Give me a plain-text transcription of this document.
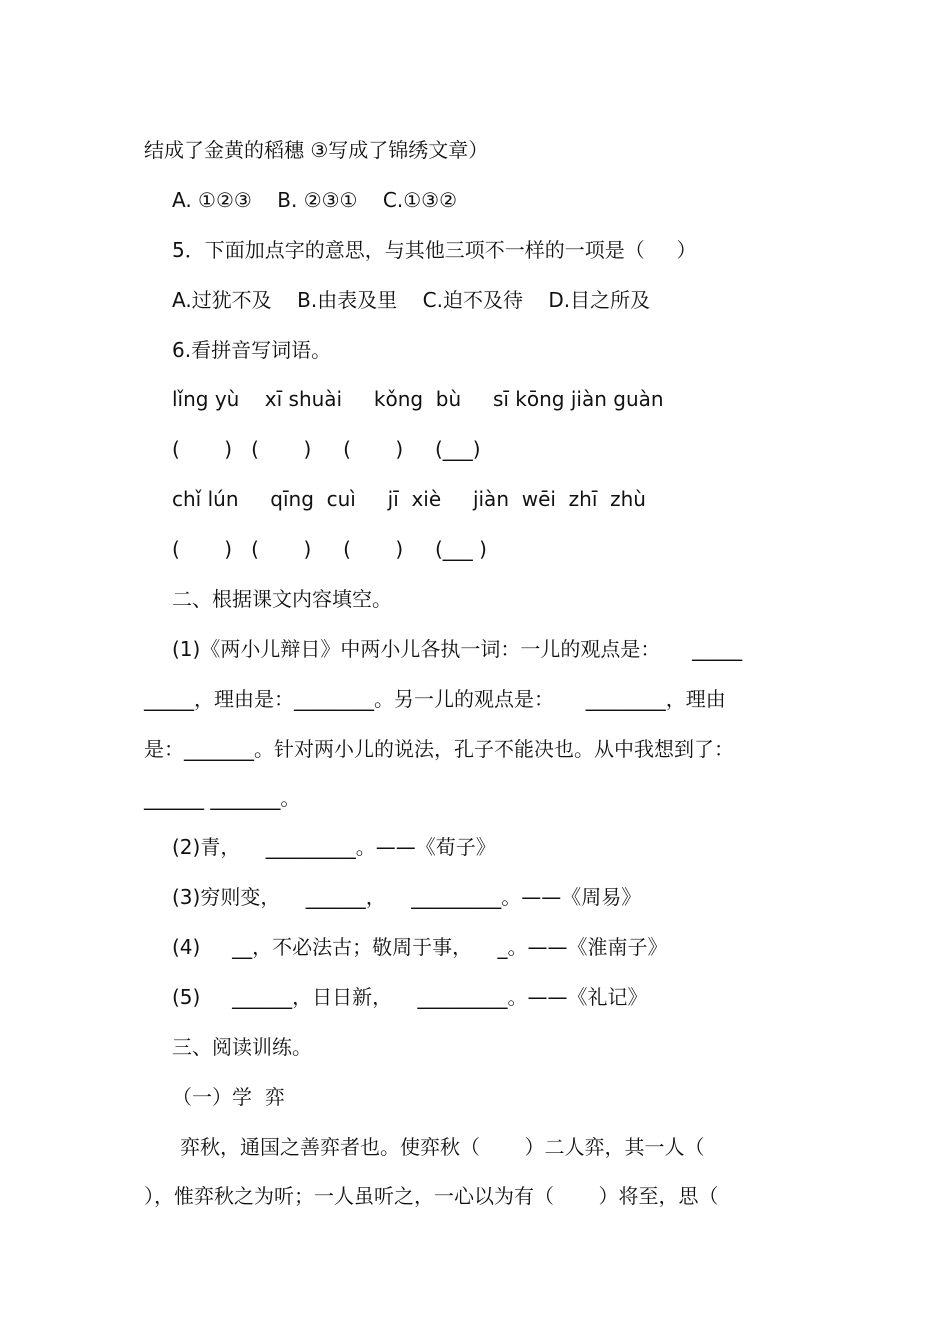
结成了金黄的稻穗 ③写成了锦绣文章）
A. ①②③    B. ②③①    C.①③②
5．下面加点字的意思，与其他三项不一样的一项是（     ）
A.过犹不及    B.由表及里    C.迫不及待    D.目之所及
6.看拼音写词语。
lǐng yù    xī shuài     kǒng  bù     sī kōng jiàn guàn
(       )   (       )     (       )     (___)
chǐ lún     qīng  cuì     jī  xiè     jiàn  wēi  zhī  zhù
(       )   (       )     (       )     (___ )
二、根据课文内容填空。
(1)《两小儿辩日》中两小儿各执一词：一儿的观点是：     _____
_____，理由是：________。另一儿的观点是：     ________，理由
是：_______。针对两小儿的说法，孔子不能决也。从中我想到了：
______ _______。
(2)青，    _________。——《荀子》
(3)穷则变，    ______，    _________。——《周易》
(4)     __，不必法古；敬周于事，    _。——《淮南子》
(5)     ______，日日新，    _________。——《礼记》
三、阅读训练。
（一）学  弈
弈秋，通国之善弈者也。使弈秋（       ）二人弈，其一人（
），惟弈秋之为听；一人虽听之，一心以为有（       ）将至，思（
